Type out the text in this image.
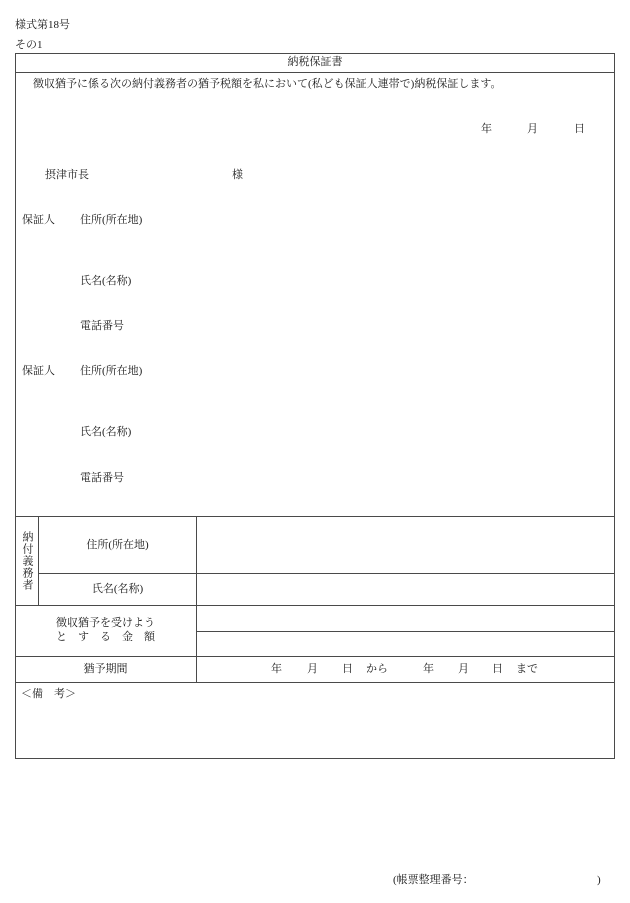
様式第18号
その1
納税保証書
徴収猶予に係る次の納付義務者の猶予税額を私において(私ども保証人連帯で)納税保証します。
年	月	日
摂津市長	様
保証人 住所(所在地)
氏名(名称)
電話番号
保証人 住所(所在地)
氏名(名称)
電話番号
納付義務者	住所(所在地)
氏名(名称)
徴収猶予を受けよう
と　す　る　金　額
猶予期間	年 月 日 から	年 月 日 まで
＜備　考＞
(帳票整理番号：	)
